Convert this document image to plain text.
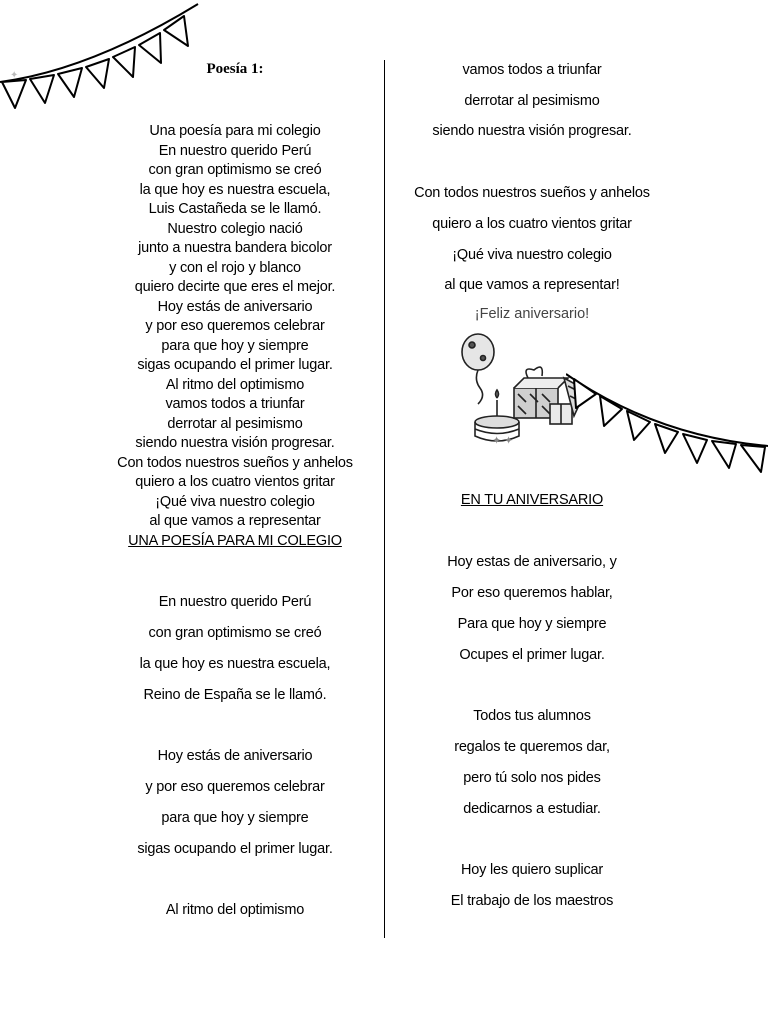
✦	Poesía 1:
Una poesía para mi colegio
En nuestro querido Perú
con gran optimismo se creó
la que hoy es nuestra escuela,
Luis Castañeda se le llamó.
Nuestro colegio nació
junto a nuestra bandera bicolor
y con el rojo y blanco
quiero decirte que eres el mejor.
Hoy estás de aniversario
y por eso queremos celebrar
para que hoy y siempre
sigas ocupando el primer lugar.
Al ritmo del optimismo
vamos todos a triunfar
derrotar al pesimismo
siendo nuestra visión progresar.
Con todos nuestros sueños y anhelos
quiero a los cuatro vientos gritar
¡Qué viva nuestro colegio
al que vamos a representar
UNA POESÍA PARA MI COLEGIO
En nuestro querido Perú
con gran optimismo se creó
la que hoy es nuestra escuela,
Reino de España se le llamó.
Hoy estás de aniversario
y por eso queremos celebrar
para que hoy y siempre
sigas ocupando el primer lugar.
Al ritmo del optimismo
vamos todos a triunfar
derrotar al pesimismo
siendo nuestra visión progresar.
Con todos nuestros sueños y anhelos
quiero a los cuatro vientos gritar
¡Qué viva nuestro colegio
al que vamos a representar!
¡Feliz aniversario!
EN TU ANIVERSARIO
Hoy estas de aniversario, y
Por eso queremos hablar,
Para que hoy y siempre
Ocupes el primer lugar.
Todos tus alumnos
regalos te queremos dar,
pero tú solo nos pides
dedicarnos a estudiar.
Hoy les quiero suplicar
El trabajo de los maestros
✦ ✦
